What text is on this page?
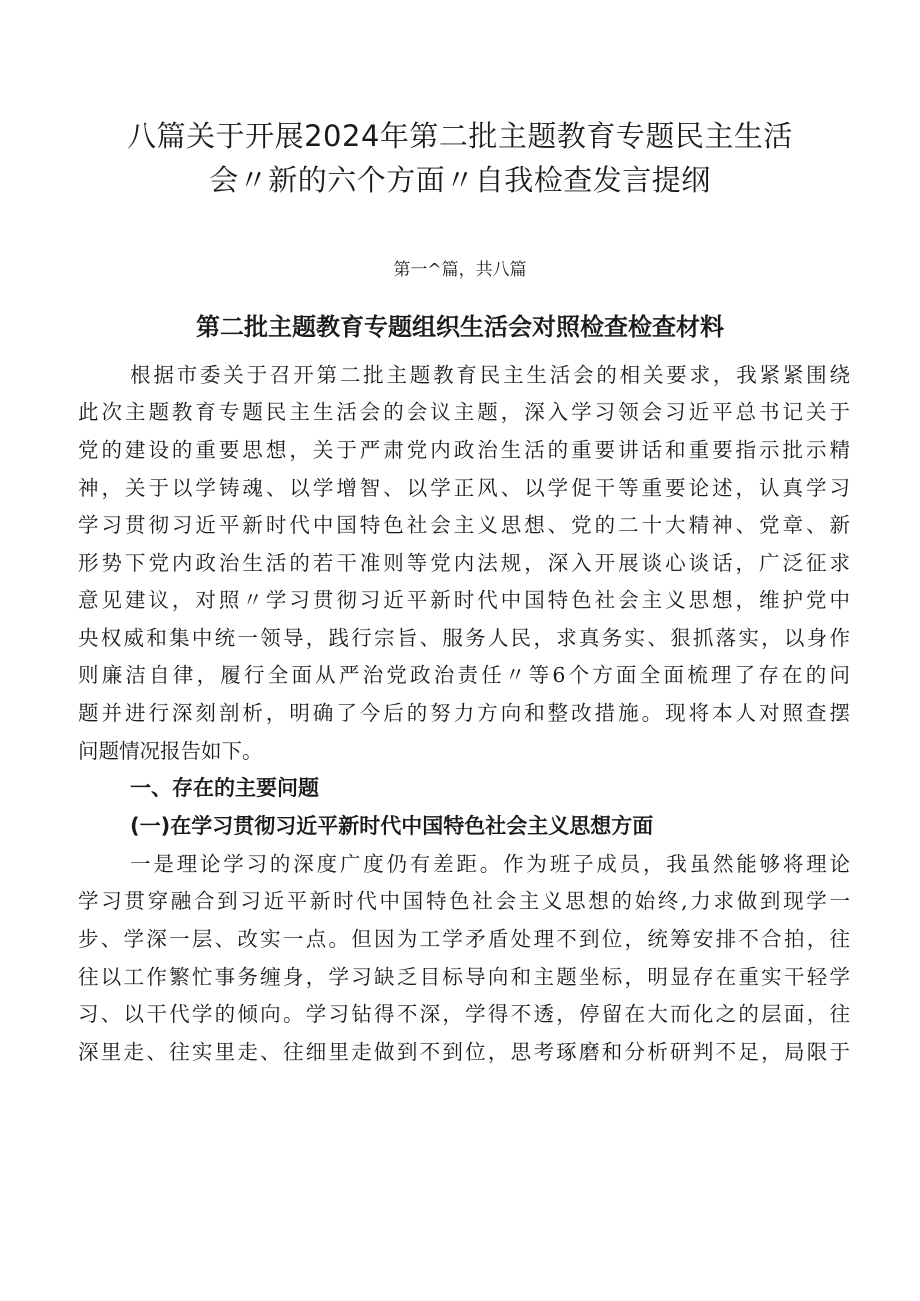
八篇关于开展2024年第二批主题教育专题民主生活
会〃新的六个方面〃自我检查发言提纲

第一^篇，共八篇

第二批主题教育专题组织生活会对照检查检查材料

根据市委关于召开第二批主题教育民主生活会的相关要求，我紧紧围绕

此次主题教育专题民主生活会的会议主题，深入学习领会习近平总书记关于

党的建设的重要思想，关于严肃党内政治生活的重要讲话和重要指示批示精

神，关于以学铸魂、以学增智、以学正风、以学促干等重要论述，认真学习

学习贯彻习近平新时代中国特色社会主义思想、党的二十大精神、党章、新

形势下党内政治生活的若干准则等党内法规，深入开展谈心谈话，广泛征求

意见建议，对照〃学习贯彻习近平新时代中国特色社会主义思想，维护党中

央权威和集中统一领导，践行宗旨、服务人民，求真务实、狠抓落实，以身作

则廉洁自律，履行全面从严治党政治责任〃等6个方面全面梳理了存在的问

题并进行深刻剖析，明确了今后的努力方向和整改措施。现将本人对照查摆

问题情况报告如下。

一、存在的主要问题
(一)在学习贯彻习近平新时代中国特色社会主义思想方面

一是理论学习的深度广度仍有差距。作为班子成员，我虽然能够将理论

学习贯穿融合到习近平新时代中国特色社会主义思想的始终,力求做到现学一

步、学深一层、改实一点。但因为工学矛盾处理不到位，统筹安排不合拍，往

往以工作繁忙事务缠身，学习缺乏目标导向和主题坐标，明显存在重实干轻学

习、以干代学的倾向。学习钻得不深，学得不透，停留在大而化之的层面，往

深里走、往实里走、往细里走做到不到位，思考琢磨和分析研判不足，局限于
